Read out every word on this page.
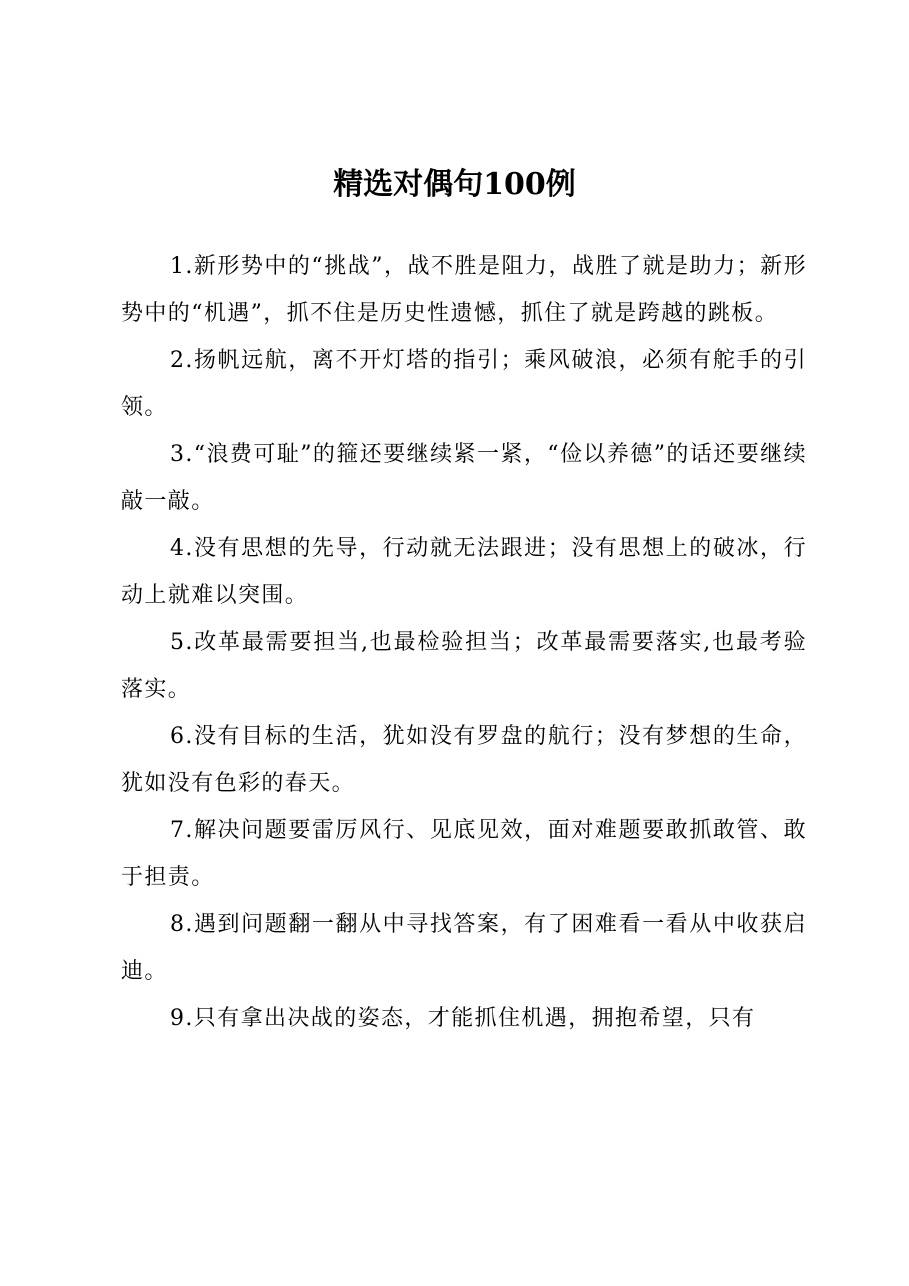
精选对偶句100例

1.新形势中的“挑战”，战不胜是阻力，战胜了就是助力；新形势中的“机遇”，抓不住是历史性遗憾，抓住了就是跨越的跳板。

2.扬帆远航，离不开灯塔的指引；乘风破浪，必须有舵手的引领。

3.“浪费可耻”的箍还要继续紧一紧，“俭以养德”的话还要继续敲一敲。

4.没有思想的先导，行动就无法跟进；没有思想上的破冰，行动上就难以突围。

5.改革最需要担当,也最检验担当；改革最需要落实,也最考验落实。

6.没有目标的生活，犹如没有罗盘的航行；没有梦想的生命，犹如没有色彩的春天。

7.解决问题要雷厉风行、见底见效，面对难题要敢抓敢管、敢于担责。

8.遇到问题翻一翻从中寻找答案，有了困难看一看从中收获启迪。

9.只有拿出决战的姿态，才能抓住机遇，拥抱希望，只有
